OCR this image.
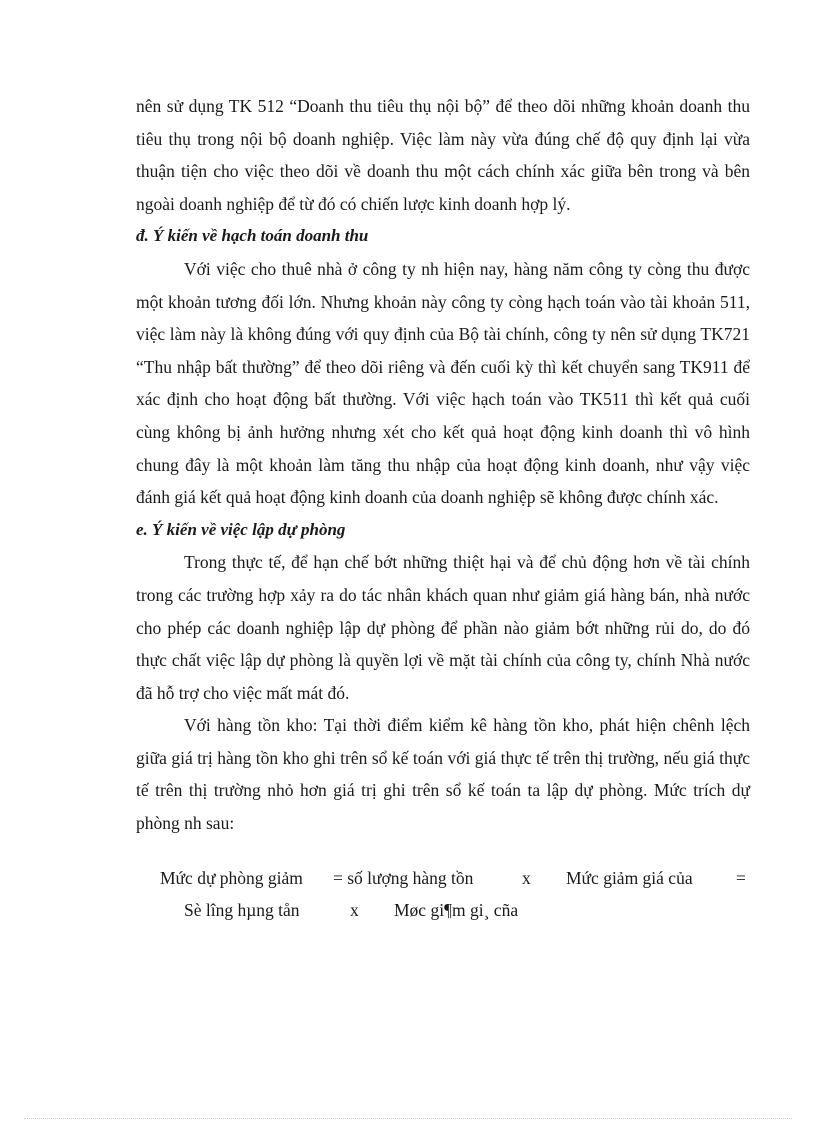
nên sử dụng TK 512 “Doanh thu tiêu thụ nội bộ” để theo dõi những khoản doanh thu tiêu thụ trong nội bộ doanh nghiệp. Việc làm này vừa đúng chế độ quy định lại vừa thuận tiện cho việc theo dõi về doanh thu một cách chính xác giữa bên trong và bên ngoài doanh nghiệp để từ đó có chiến lược kinh doanh hợp lý.

đ. Ý kiến về hạch toán doanh thu

Với việc cho thuê nhà ở công ty nh hiện nay, hàng năm công ty còng thu được một khoản tương đối lớn. Nhưng khoản này công ty còng hạch toán vào tài khoản 511, việc làm này là không đúng với quy định của Bộ tài chính, công ty nên sử dụng TK721 “Thu nhập bất thường” để theo dõi riêng và đến cuối kỳ thì kết chuyển sang TK911 để xác định cho hoạt động bất thường. Với việc hạch toán vào TK511 thì kết quả cuối cùng không bị ảnh hưởng nhưng xét cho kết quả hoạt động kinh doanh thì vô hình chung đây là một khoản làm tăng thu nhập của hoạt động kinh doanh, như vậy việc đánh giá kết quả hoạt động kinh doanh của doanh nghiệp sẽ không được chính xác.

e. Ý kiến về việc lập dự phòng

Trong thực tế, để hạn chế bớt những thiệt hại và để chủ động hơn về tài chính trong các trường hợp xảy ra do tác nhân khách quan như giảm giá hàng bán, nhà nước cho phép các doanh nghiệp lập dự phòng để phần nào giảm bớt những rủi do, do đó thực chất việc lập dự phòng là quyền lợi về mặt tài chính của công ty, chính Nhà nước đã hỗ trợ cho việc mất mát đó.

Với hàng tồn kho: Tại thời điểm kiểm kê hàng tồn kho, phát hiện chênh lệch giữa giá trị hàng tồn kho ghi trên sổ kế toán với giá thực tế trên thị trường, nếu giá thực tế trên thị trường nhỏ hơn giá trị ghi trên sổ kế toán ta lập dự phòng. Mức trích dự phòng nh sau:

Mức dự phòng giảm = số lượng hàng tồn	x Mức giảm giá của =
Sè lîng hµng tån	x Møc gi¶m gi¸ cña
